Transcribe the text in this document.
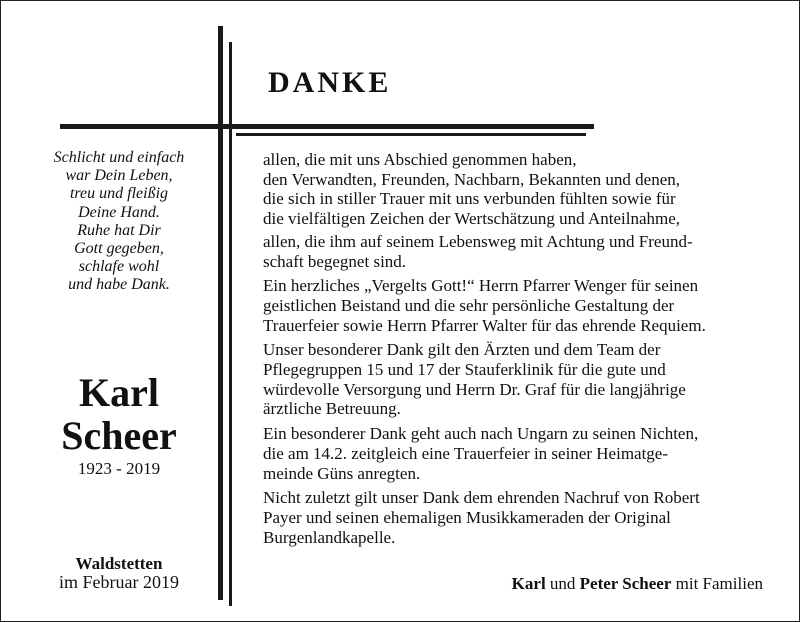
DANKE
Schlicht und einfach
war Dein Leben,
treu und fleißig
Deine Hand.
Ruhe hat Dir
Gott gegeben,
schlafe wohl
und habe Dank.
Karl
Scheer
1923 - 2019
Waldstetten
im Februar 2019

allen, die mit uns Abschied genommen haben,
den Verwandten, Freunden, Nachbarn, Bekannten und denen,
die sich in stiller Trauer mit uns verbunden fühlten sowie für
die vielfältigen Zeichen der Wertschätzung und Anteilnahme,

allen, die ihm auf seinem Lebensweg mit Achtung und Freund-
schaft begegnet sind.

Ein herzliches „Vergelts Gott!“ Herrn Pfarrer Wenger für seinen
geistlichen Beistand und die sehr persönliche Gestaltung der
Trauerfeier sowie Herrn Pfarrer Walter für das ehrende Requiem.

Unser besonderer Dank gilt den Ärzten und dem Team der
Pflegegruppen 15 und 17 der Stauferklinik für die gute und
würdevolle Versorgung und Herrn Dr. Graf für die langjährige
ärztliche Betreuung.

Ein besonderer Dank geht auch nach Ungarn zu seinen Nichten,
die am 14.2. zeitgleich eine Trauerfeier in seiner Heimatge-
meinde Güns anregten.

Nicht zuletzt gilt unser Dank dem ehrenden Nachruf von Robert
Payer und seinen ehemaligen Musikkameraden der Original
Burgenlandkapelle.

Karl und Peter Scheer mit Familien
